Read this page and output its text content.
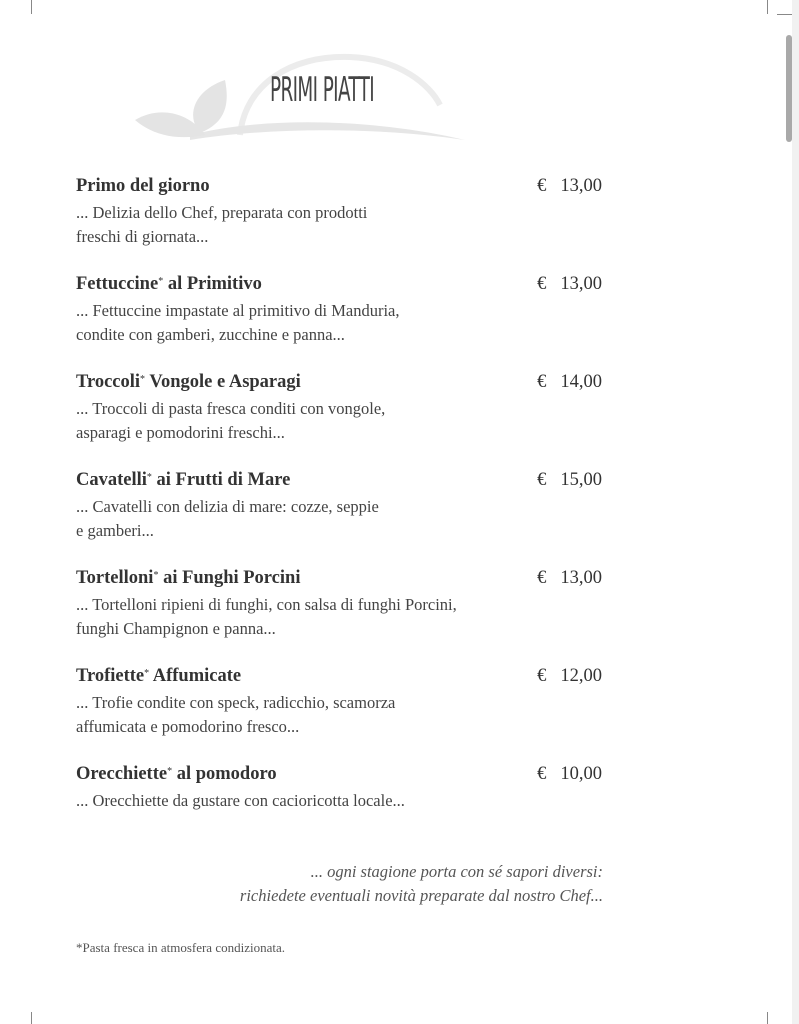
PRIMI PIATTI
Primo del giorno	€ 13,00
... Delizia dello Chef, preparata con prodotti
freschi di giornata...
Fettuccine* al Primitivo	€ 13,00
... Fettuccine impastate al primitivo di Manduria,
condite con gamberi, zucchine e panna...
Troccoli* Vongole e Asparagi	€ 14,00
... Troccoli di pasta fresca conditi con vongole,
asparagi e pomodorini freschi...
Cavatelli* ai Frutti di Mare	€ 15,00
... Cavatelli con delizia di mare: cozze, seppie
e gamberi...
Tortelloni* ai Funghi Porcini	€ 13,00
... Tortelloni ripieni di funghi, con salsa di funghi Porcini,
funghi Champignon e panna...
Trofiette* Affumicate	€ 12,00
... Trofie condite con speck, radicchio, scamorza
affumicata e pomodorino fresco...
Orecchiette* al pomodoro	€ 10,00
... Orecchiette da gustare con cacioricotta locale...
... ogni stagione porta con sé sapori diversi:
richiedete eventuali novità preparate dal nostro Chef...
*Pasta fresca in atmosfera condizionata.
